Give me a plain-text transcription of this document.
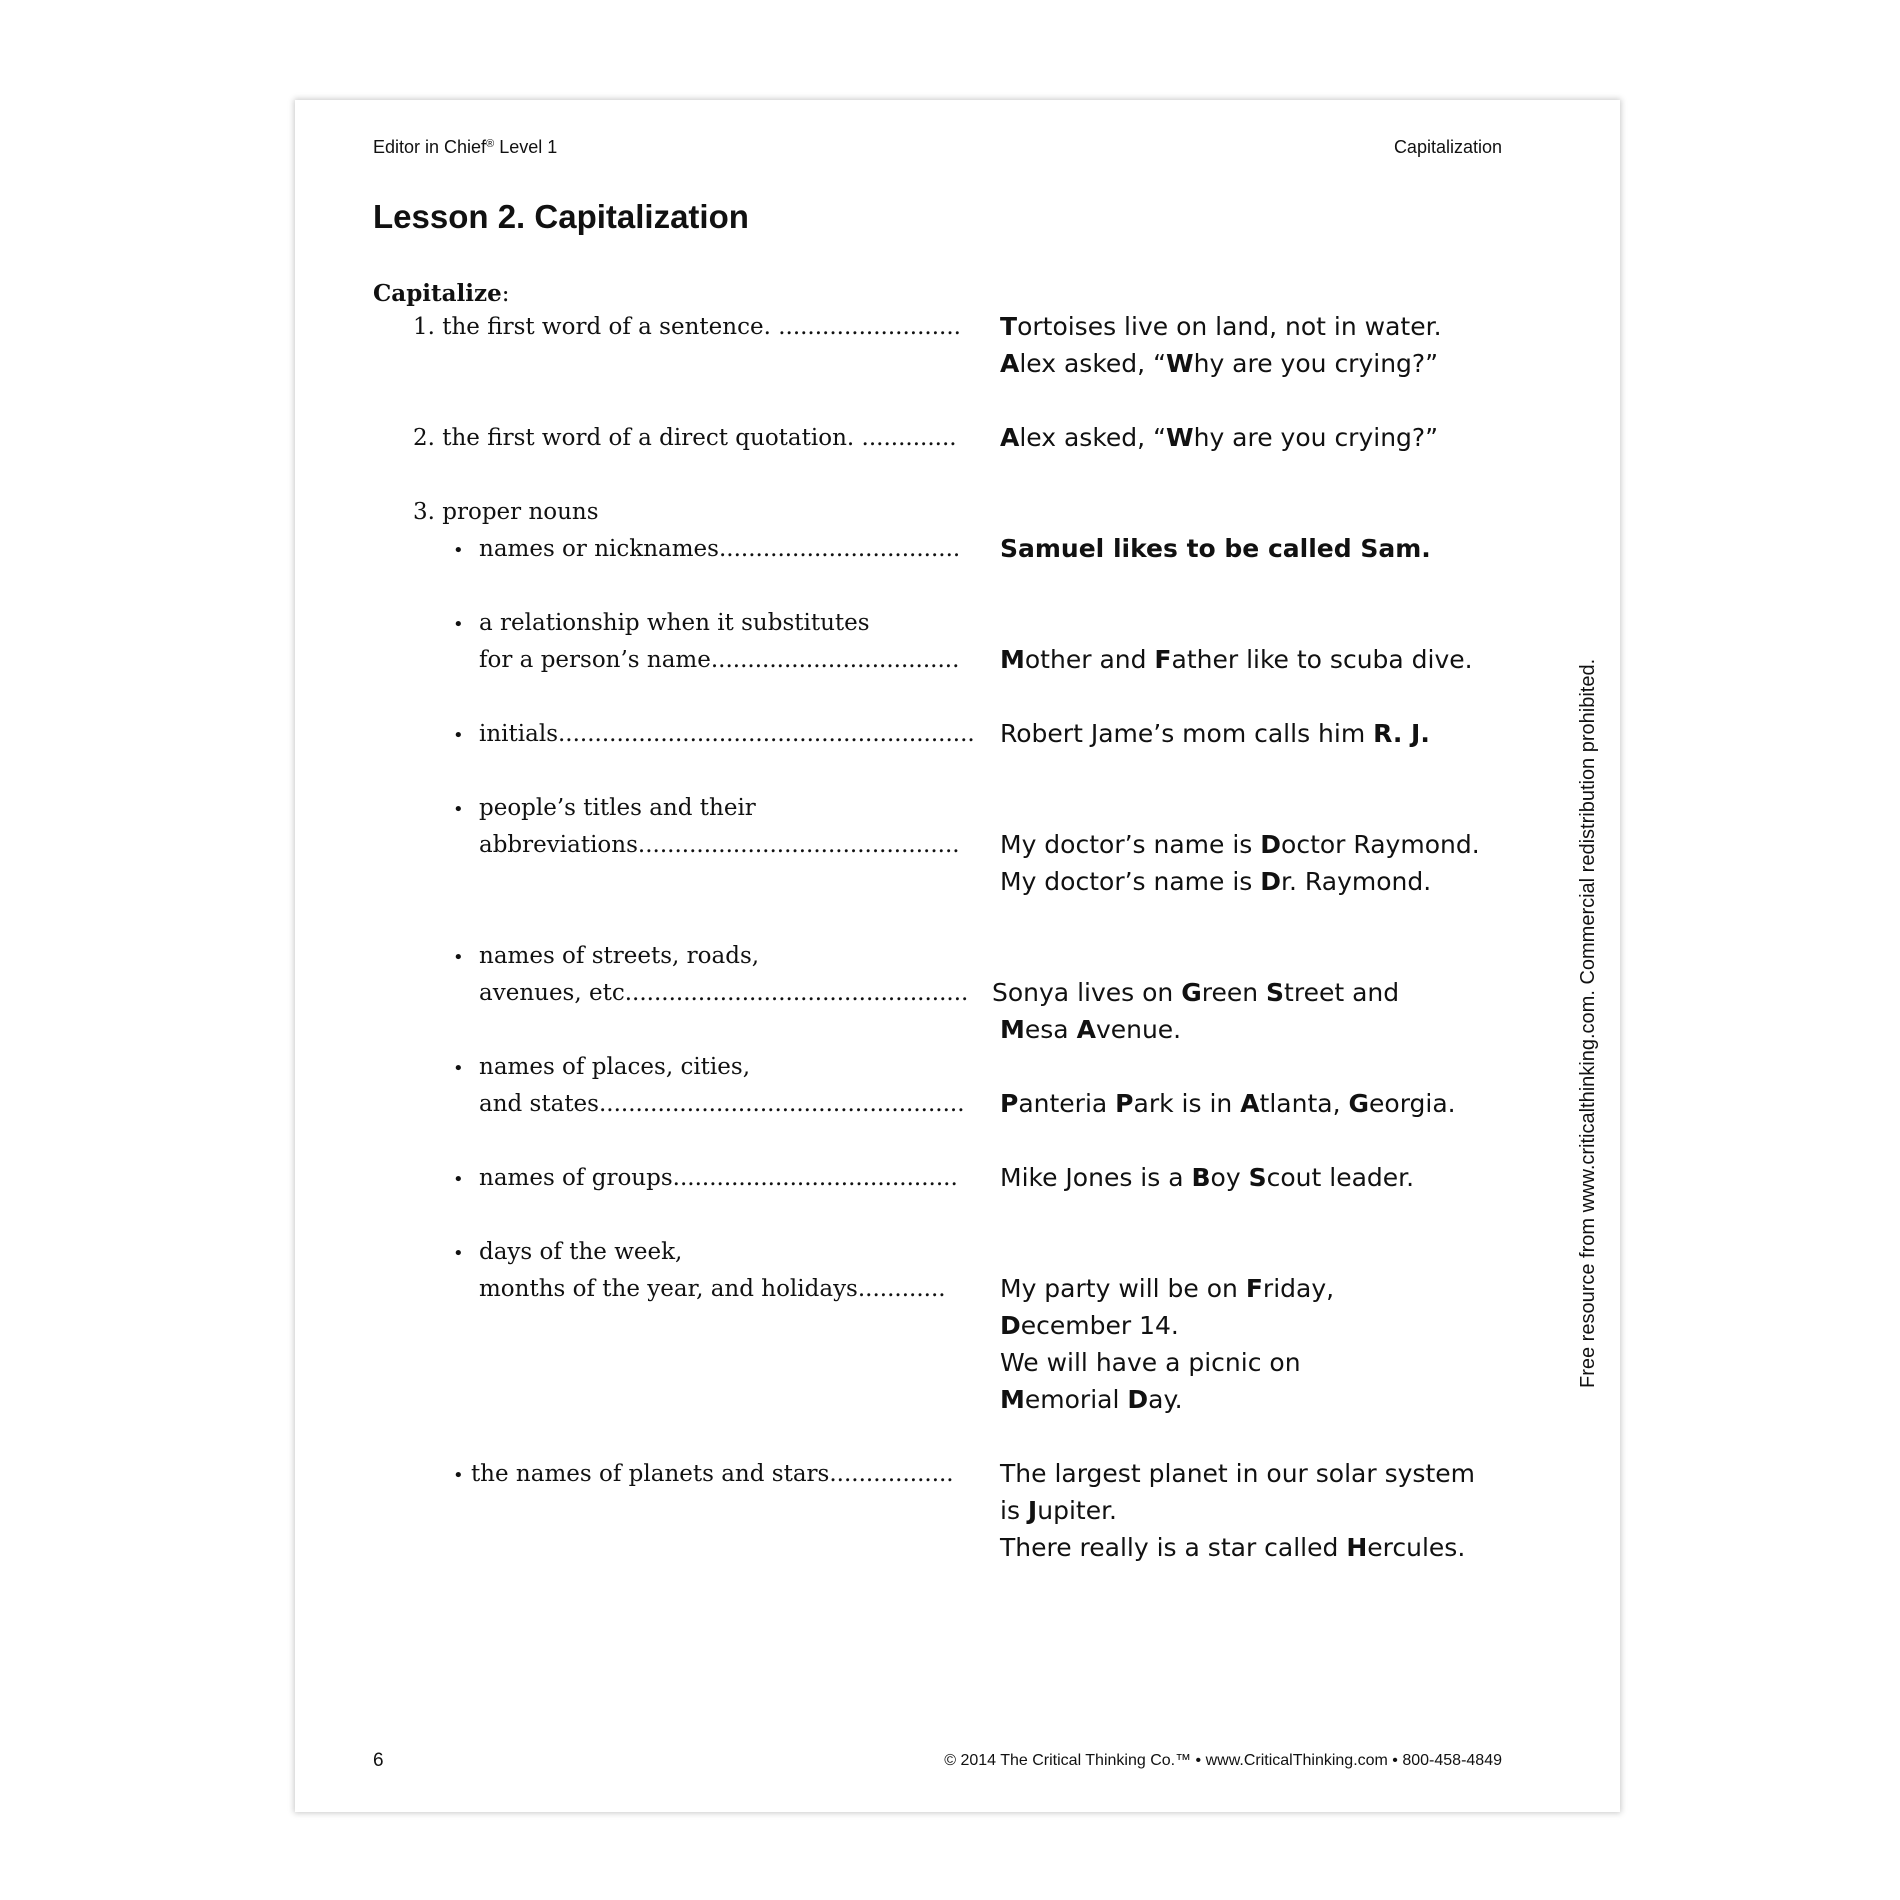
Editor in Chief® Level 1	Capitalization
Lesson 2. Capitalization
Capitalize:
1. the first word of a sentence. ......................... Tortoises live on land, not in water.
Alex asked, “Why are you crying?”
2. the first word of a direct quotation. ............. Alex asked, “Why are you crying?”
3. proper nouns
• names or nicknames................................. Samuel likes to be called Sam.
• a relationship when it substitutes
for a person’s name.................................. Mother and Father like to scuba dive.
• initials......................................................... Robert Jame’s mom calls him R. J.
• people’s titles and their
abbreviations............................................ My doctor’s name is Doctor Raymond.
My doctor’s name is Dr. Raymond.
• names of streets, roads,
avenues, etc............................................... Sonya lives on Green Street and
Mesa Avenue.
• names of places, cities,
and states.................................................. Panteria Park is in Atlanta, Georgia.
• names of groups....................................... Mike Jones is a Boy Scout leader.
• days of the week,
months of the year, and holidays............ My party will be on Friday,
December 14.
We will have a picnic on
Memorial Day.
• the names of planets and stars................. The largest planet in our solar system
is Jupiter.
There really is a star called Hercules.
Free resource from www.criticalthinking.com. Commercial redistribution prohibited.
6	© 2014 The Critical Thinking Co.™ • www.CriticalThinking.com • 800-458-4849
